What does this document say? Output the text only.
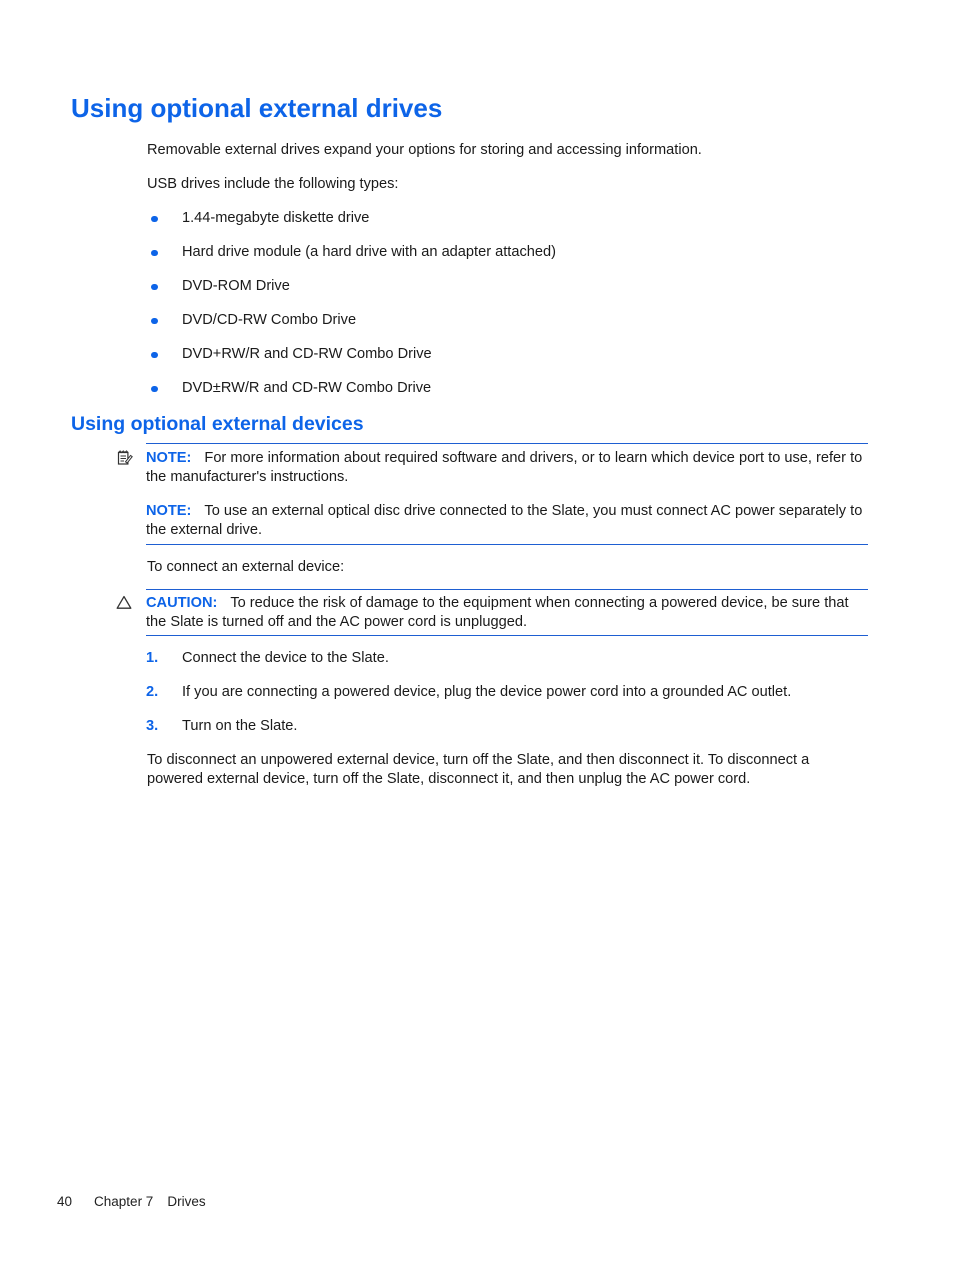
Using optional external drives

Removable external drives expand your options for storing and accessing information.

USB drives include the following types:

1.44-megabyte diskette drive
Hard drive module (a hard drive with an adapter attached)
DVD-ROM Drive
DVD/CD-RW Combo Drive
DVD+RW/R and CD-RW Combo Drive
DVD±RW/R and CD-RW Combo Drive
Using optional external devices

NOTE: For more information about required software and drivers, or to learn which device port to use, refer to the manufacturer's instructions.

NOTE: To use an external optical disc drive connected to the Slate, you must connect AC power separately to the external drive.

To connect an external device:

CAUTION: To reduce the risk of damage to the equipment when connecting a powered device, be sure that the Slate is turned off and the AC power cord is unplugged.

1. Connect the device to the Slate.
2. If you are connecting a powered device, plug the device power cord into a grounded AC outlet.
3. Turn on the Slate.

To disconnect an unpowered external device, turn off the Slate, and then disconnect it. To disconnect a powered external device, turn off the Slate, disconnect it, and then unplug the AC power cord.

40 Chapter 7 Drives
